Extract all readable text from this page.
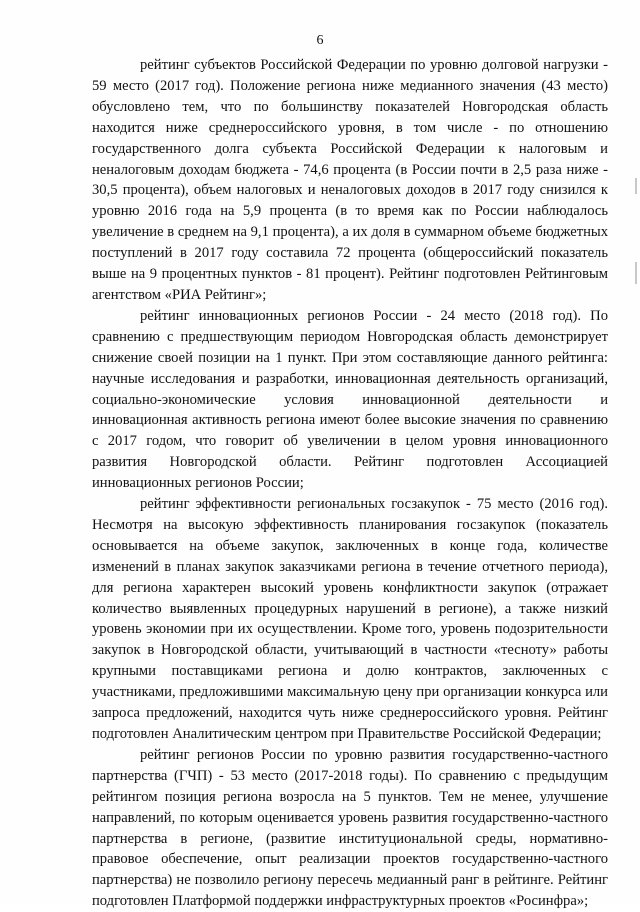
6

рейтинг субъектов Российской Федерации по уровню долговой нагрузки - 59 место (2017 год). Положение региона ниже медианного значения (43 место) обусловлено тем, что по большинству показателей Новгородская область находится ниже среднероссийского уровня, в том числе - по отношению государственного долга субъекта Российской Федерации к налоговым и неналоговым доходам бюджета - 74,6 процента (в России почти в 2,5 раза ниже - 30,5 процента), объем налоговых и неналоговых доходов в 2017 году снизился к уровню 2016 года на 5,9 процента (в то время как по России наблюдалось увеличение в среднем на 9,1 процента), а их доля в суммарном объеме бюджетных поступлений в 2017 году составила 72 процента (общероссийский показатель выше на 9 процентных пунктов - 81 процент). Рейтинг подготовлен Рейтинговым агентством «РИА Рейтинг»;

рейтинг инновационных регионов России - 24 место (2018 год). По сравнению с предшествующим периодом Новгородская область демонстрирует снижение своей позиции на 1 пункт. При этом составляющие данного рейтинга: научные исследования и разработки, инновационная деятельность организаций, социально-экономические условия инновационной деятельности и инновационная активность региона имеют более высокие значения по сравнению с 2017 годом, что говорит об увеличении в целом уровня инновационного развития Новгородской области. Рейтинг подготовлен Ассоциацией инновационных регионов России;

рейтинг эффективности региональных госзакупок - 75 место (2016 год). Несмотря на высокую эффективность планирования госзакупок (показатель основывается на объеме закупок, заключенных в конце года, количестве изменений в планах закупок заказчиками региона в течение отчетного периода), для региона характерен высокий уровень конфликтности закупок (отражает количество выявленных процедурных нарушений в регионе), а также низкий уровень экономии при их осуществлении. Кроме того, уровень подозрительности закупок в Новгородской области, учитывающий в частности «тесноту» работы крупными поставщиками региона и долю контрактов, заключенных с участниками, предложившими максимальную цену при организации конкурса или запроса предложений, находится чуть ниже среднероссийского уровня. Рейтинг подготовлен Аналитическим центром при Правительстве Российской Федерации;

рейтинг регионов России по уровню развития государственно-частного партнерства (ГЧП) - 53 место (2017-2018 годы). По сравнению с предыдущим рейтингом позиция региона возросла на 5 пунктов. Тем не менее, улучшение направлений, по которым оценивается уровень развития государственно-частного партнерства в регионе, (развитие институциональной среды, нормативно-правовое обеспечение, опыт реализации проектов государственно-частного партнерства) не позволило региону пересечь медианный ранг в рейтинге. Рейтинг подготовлен Платформой поддержки инфраструктурных проектов «Росинфра»;
